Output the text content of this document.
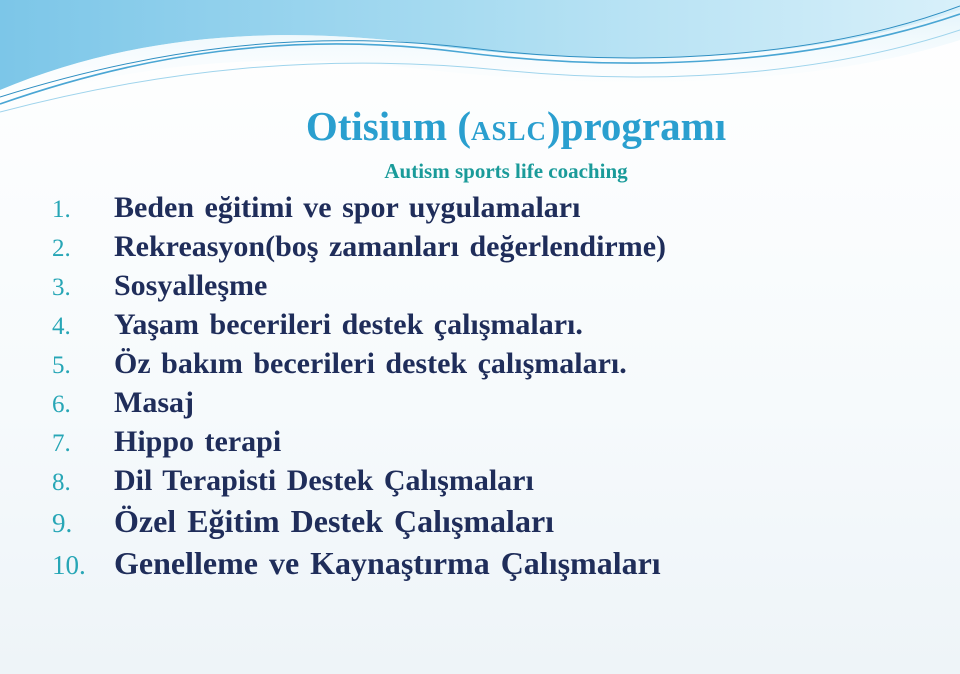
Otisium (ASLC)programı
Autism sports life coaching
1.	Beden eğitimi ve spor uygulamaları
2.	Rekreasyon(boş zamanları değerlendirme)
3.	Sosyalleşme
4.	Yaşam becerileri destek çalışmaları.
5.	Öz bakım becerileri destek çalışmaları.
6.	Masaj
7.	Hippo terapi
8.	Dil Terapisti Destek Çalışmaları
9.	Özel Eğitim Destek Çalışmaları
10. Genelleme ve Kaynaştırma Çalışmaları
